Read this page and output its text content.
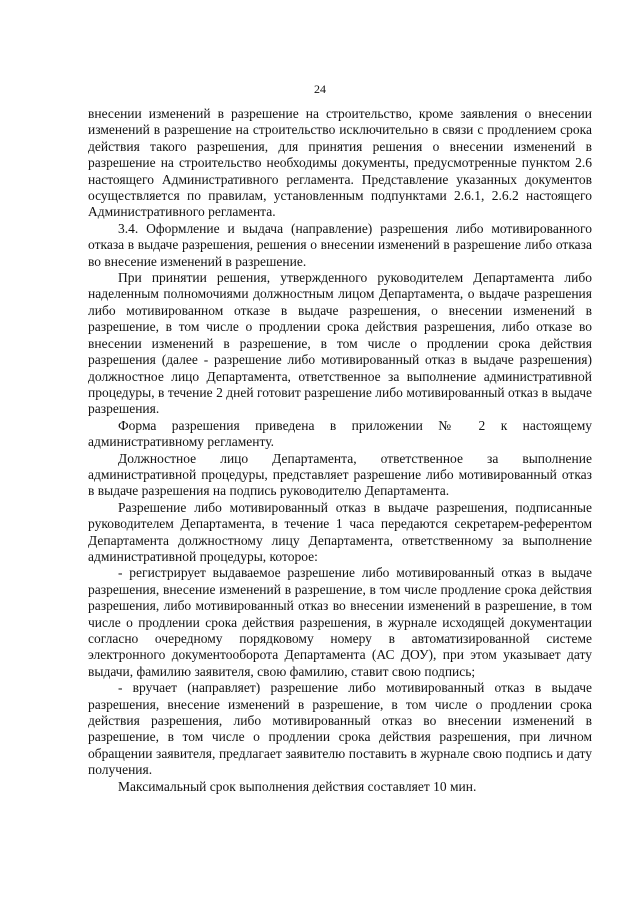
24

внесении изменений в разрешение на строительство, кроме заявления о внесении изменений в разрешение на строительство исключительно в связи с продлением срока действия такого разрешения, для принятия решения о внесении изменений в разрешение на строительство необходимы документы, предусмотренные пунктом 2.6 настоящего Административного регламента. Представление указанных документов осуществляется по правилам, установленным подпунктами 2.6.1, 2.6.2 настоящего Административного регламента.

3.4. Оформление и выдача (направление) разрешения либо мотивированного отказа в выдаче разрешения, решения о внесении изменений в разрешение либо отказа во внесение изменений в разрешение.

При принятии решения, утвержденного руководителем Департамента либо наделенным полномочиями должностным лицом Департамента, о выдаче разрешения либо мотивированном отказе в выдаче разрешения, о внесении изменений в разрешение, в том числе о продлении срока действия разрешения, либо отказе во внесении изменений в разрешение, в том числе о продлении срока действия разрешения (далее - разрешение либо мотивированный отказ в выдаче разрешения) должностное лицо Департамента, ответственное за выполнение административной процедуры, в течение 2 дней готовит разрешение либо мотивированный отказ в выдаче разрешения.

Форма разрешения приведена в приложении № 2 к настоящему административному регламенту.

Должностное лицо Департамента, ответственное за выполнение административной процедуры, представляет разрешение либо мотивированный отказ в выдаче разрешения на подпись руководителю Департамента.

Разрешение либо мотивированный отказ в выдаче разрешения, подписанные руководителем Департамента, в течение 1 часа передаются секретарем-референтом Департамента должностному лицу Департамента, ответственному за выполнение административной процедуры, которое:

- регистрирует выдаваемое разрешение либо мотивированный отказ в выдаче разрешения, внесение изменений в разрешение, в том числе продление срока действия разрешения, либо мотивированный отказ во внесении изменений в разрешение, в том числе о продлении срока действия разрешения, в журнале исходящей документации согласно очередному порядковому номеру в автоматизированной системе электронного документооборота Департамента (АС ДОУ), при этом указывает дату выдачи, фамилию заявителя, свою фамилию, ставит свою подпись;

- вручает (направляет) разрешение либо мотивированный отказ в выдаче разрешения, внесение изменений в разрешение, в том числе о продлении срока действия разрешения, либо мотивированный отказ во внесении изменений в разрешение, в том числе о продлении срока действия разрешения, при личном обращении заявителя, предлагает заявителю поставить в журнале свою подпись и дату получения.

Максимальный срок выполнения действия составляет 10 мин.
